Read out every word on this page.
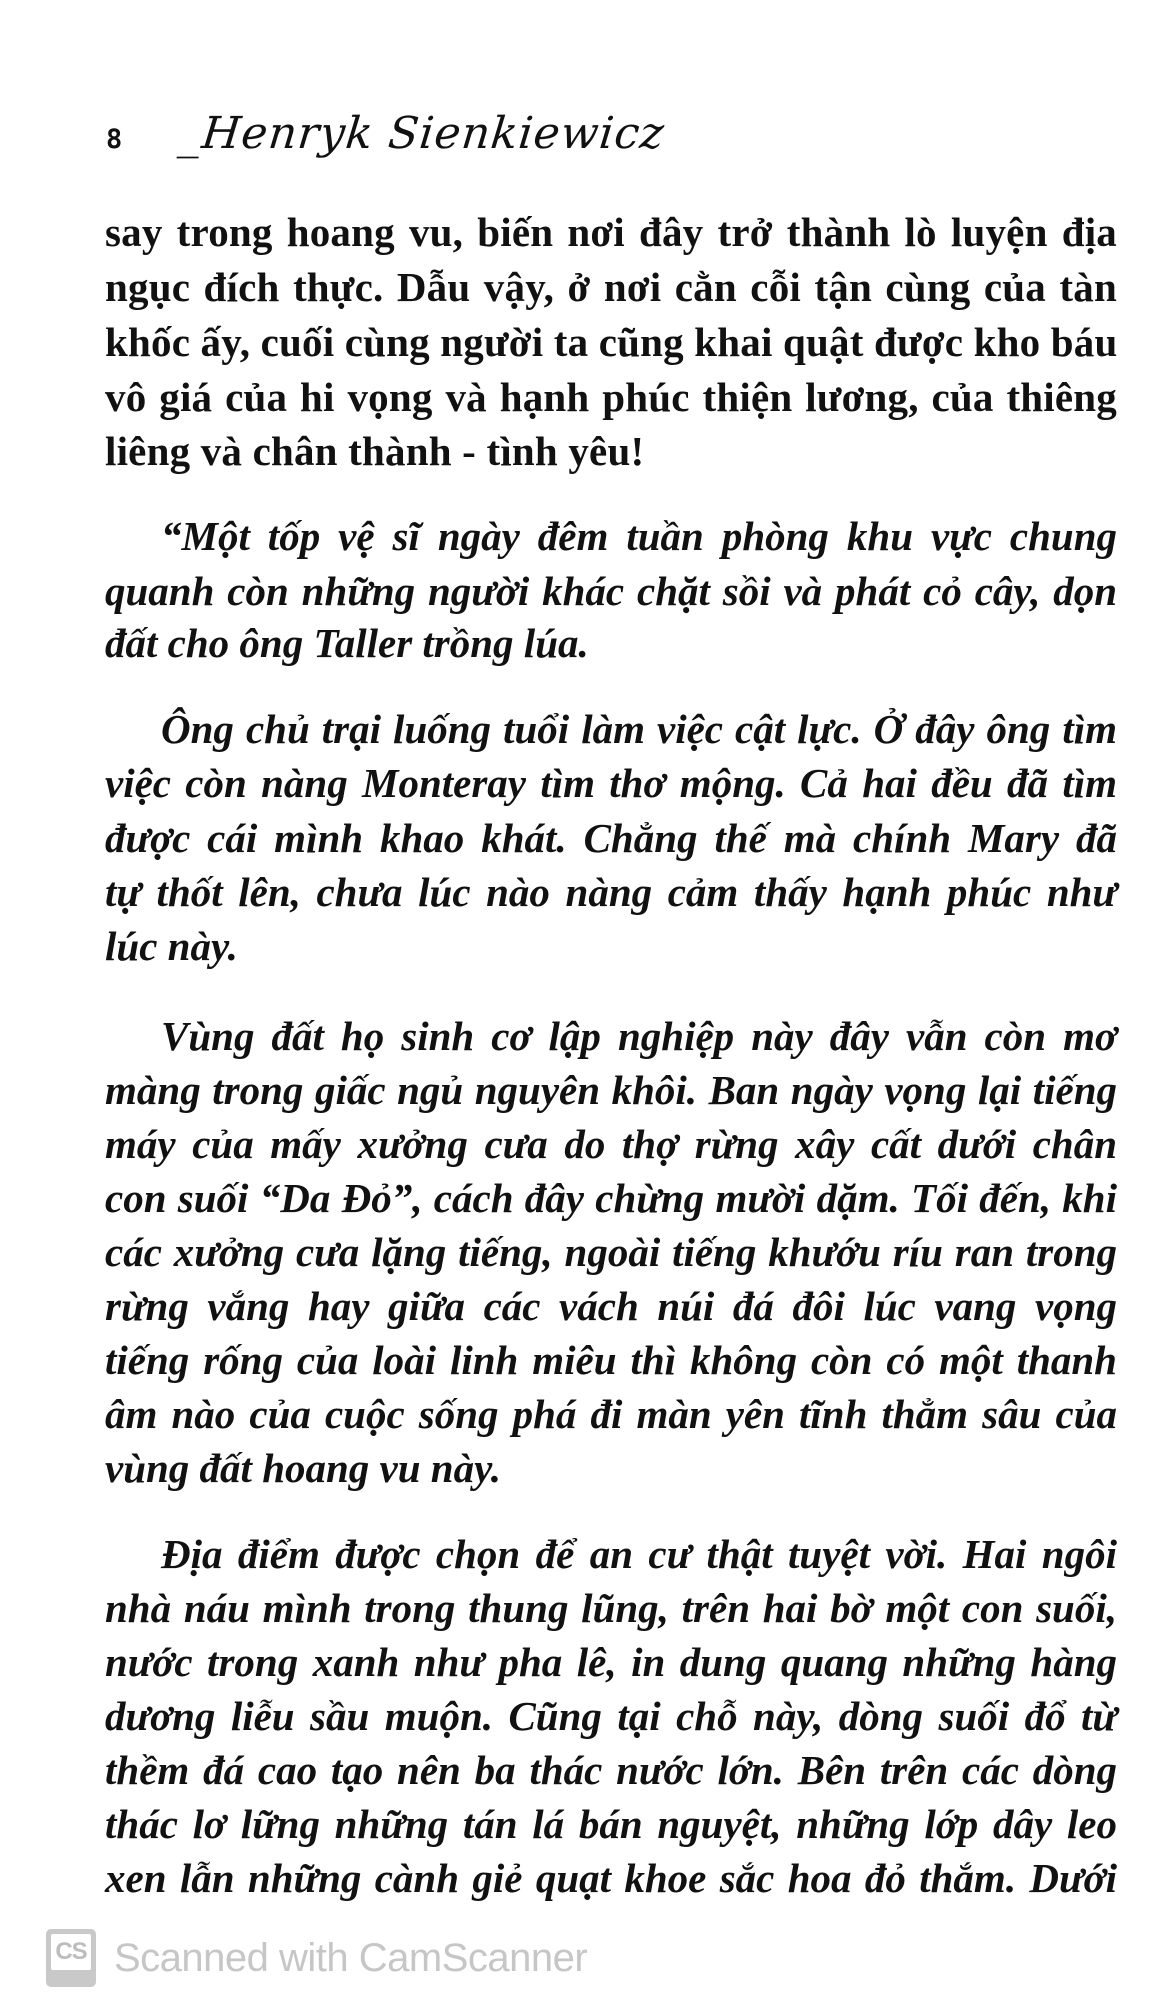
8 _Henryk Sienkiewicz
say trong hoang vu, biến nơi đây trở thành lò luyện địa
ngục đích thực. Dẫu vậy, ở nơi cằn cỗi tận cùng của tàn
khốc ấy, cuối cùng người ta cũng khai quật được kho báu
vô giá của hi vọng và hạnh phúc thiện lương, của thiêng
liêng và chân thành - tình yêu!
“Một tốp vệ sĩ ngày đêm tuần phòng khu vực chung
quanh còn những người khác chặt sồi và phát cỏ cây, dọn
đất cho ông Taller trồng lúa.
Ông chủ trại luống tuổi làm việc cật lực. Ở đây ông tìm
việc còn nàng Monteray tìm thơ mộng. Cả hai đều đã tìm
được cái mình khao khát. Chẳng thế mà chính Mary đã
tự thốt lên, chưa lúc nào nàng cảm thấy hạnh phúc như
lúc này.
Vùng đất họ sinh cơ lập nghiệp này đây vẫn còn mơ
màng trong giấc ngủ nguyên khôi. Ban ngày vọng lại tiếng
máy của mấy xưởng cưa do thợ rừng xây cất dưới chân
con suối “Da Đỏ”, cách đây chừng mười dặm. Tối đến, khi
các xưởng cưa lặng tiếng, ngoài tiếng khướu ríu ran trong
rừng vắng hay giữa các vách núi đá đôi lúc vang vọng
tiếng rống của loài linh miêu thì không còn có một thanh
âm nào của cuộc sống phá đi màn yên tĩnh thẳm sâu của
vùng đất hoang vu này.
Địa điểm được chọn để an cư thật tuyệt vời. Hai ngôi
nhà náu mình trong thung lũng, trên hai bờ một con suối,
nước trong xanh như pha lê, in dung quang những hàng
dương liễu sầu muộn. Cũng tại chỗ này, dòng suối đổ từ
thềm đá cao tạo nên ba thác nước lớn. Bên trên các dòng
thác lơ lững những tán lá bán nguyệt, những lớp dây leo
xen lẫn những cành giẻ quạt khoe sắc hoa đỏ thắm. Dưới
CS Scanned with CamScanner
